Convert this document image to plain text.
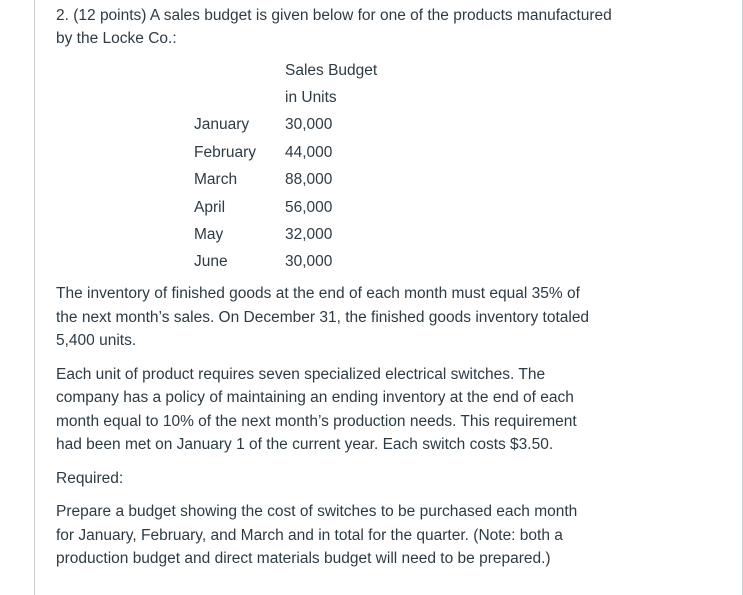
2. (12 points) A sales budget is given below for one of the products manufactured by the Locke Co.:

	Sales Budget
	in Units
January	30,000
February	44,000
March	88,000
April	56,000
May	32,000
June	30,000

The inventory of finished goods at the end of each month must equal 35% of the next month’s sales. On December 31, the finished goods inventory totaled 5,400 units.

Each unit of product requires seven specialized electrical switches. The company has a policy of maintaining an ending inventory at the end of each month equal to 10% of the next month’s production needs. This requirement had been met on January 1 of the current year. Each switch costs $3.50.

Required:

Prepare a budget showing the cost of switches to be purchased each month for January, February, and March and in total for the quarter. (Note: both a production budget and direct materials budget will need to be prepared.)
